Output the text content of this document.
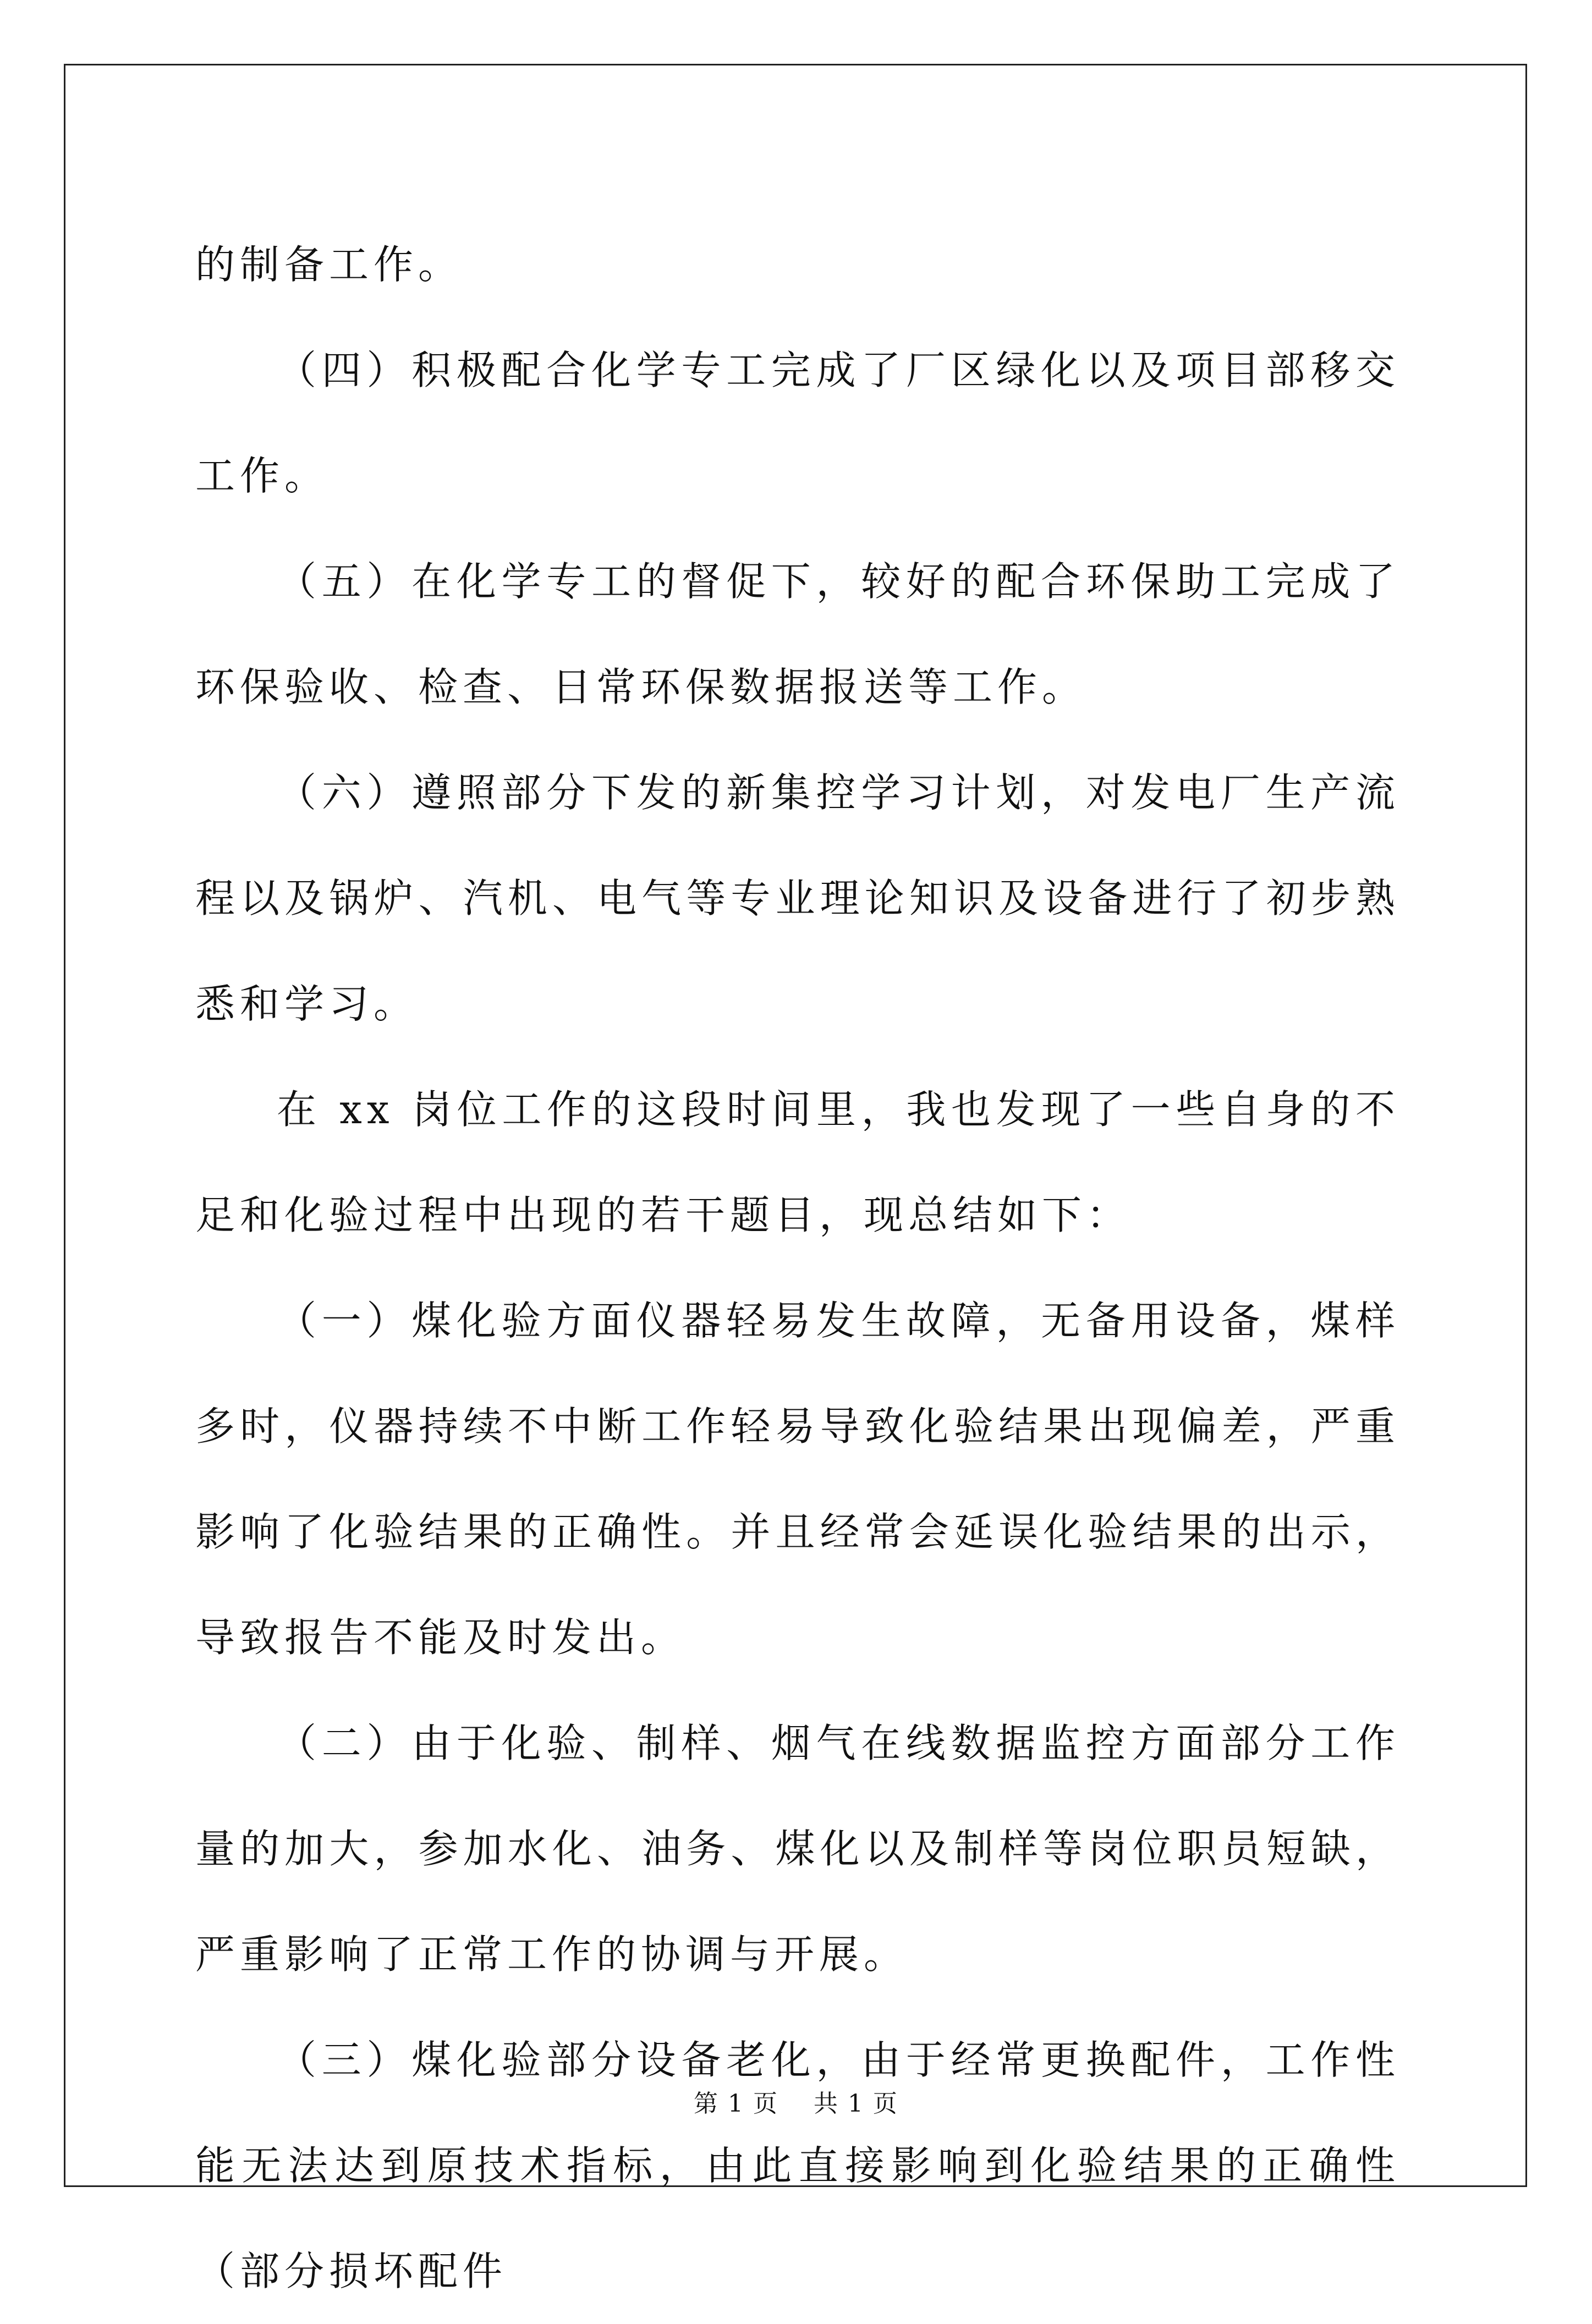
的制备工作。

（四）积极配合化学专工完成了厂区绿化以及项目部移交工作。

（五）在化学专工的督促下，较好的配合环保助工完成了环保验收、检查、日常环保数据报送等工作。

（六）遵照部分下发的新集控学习计划，对发电厂生产流程以及锅炉、汽机、电气等专业理论知识及设备进行了初步熟悉和学习。

在 xx 岗位工作的这段时间里，我也发现了一些自身的不足和化验过程中出现的若干题目，现总结如下：

（一）煤化验方面仪器轻易发生故障，无备用设备，煤样多时，仪器持续不中断工作轻易导致化验结果出现偏差，严重影响了化验结果的正确性。并且经常会延误化验结果的出示，导致报告不能及时发出。

（二）由于化验、制样、烟气在线数据监控方面部分工作量的加大，参加水化、油务、煤化以及制样等岗位职员短缺，严重影响了正常工作的协调与开展。

（三）煤化验部分设备老化，由于经常更换配件，工作性能无法达到原技术指标，由此直接影响到化验结果的正确性（部分损坏配件

第 1 页 共 1 页
